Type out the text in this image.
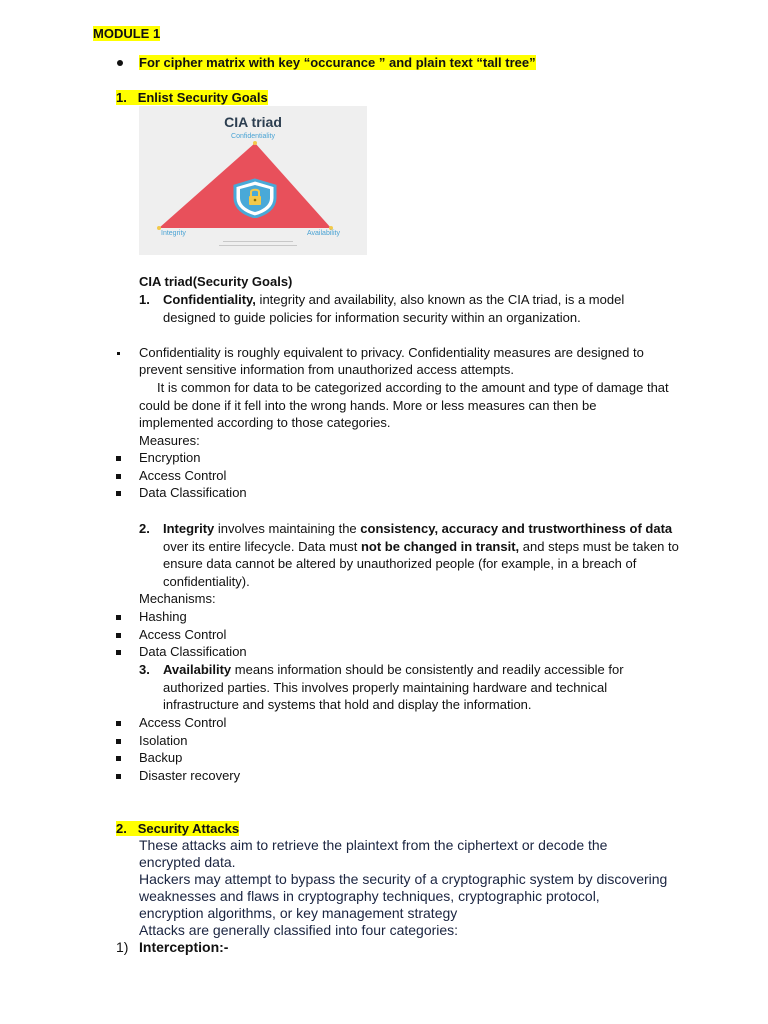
MODULE 1
For cipher matrix with key “occurance ” and plain text “tall tree”
1. Enlist Security Goals
CIA triad
Confidentiality
Integrity	Availability
CIA triad(Security Goals)
1. Confidentiality, integrity and availability, also known as the CIA triad, is a model
designed to guide policies for information security within an organization.
Confidentiality is roughly equivalent to privacy. Confidentiality measures are designed to
prevent sensitive information from unauthorized access attempts.
It is common for data to be categorized according to the amount and type of damage that
could be done if it fell into the wrong hands. More or less measures can then be
implemented according to those categories.
Measures:
Encryption
Access Control
Data Classification
2. Integrity involves maintaining the consistency, accuracy and trustworthiness of data
over its entire lifecycle. Data must not be changed in transit, and steps must be taken to
ensure data cannot be altered by unauthorized people (for example, in a breach of
confidentiality).
Mechanisms:
Hashing
Access Control
Data Classification
3. Availability means information should be consistently and readily accessible for
authorized parties. This involves properly maintaining hardware and technical
infrastructure and systems that hold and display the information.
Access Control
Isolation
Backup
Disaster recovery
2. Security Attacks
These attacks aim to retrieve the plaintext from the ciphertext or decode the
encrypted data.
Hackers may attempt to bypass the security of a cryptographic system by discovering
weaknesses and flaws in cryptography techniques, cryptographic protocol,
encryption algorithms, or key management strategy
Attacks are generally classified into four categories:
1) Interception:-
